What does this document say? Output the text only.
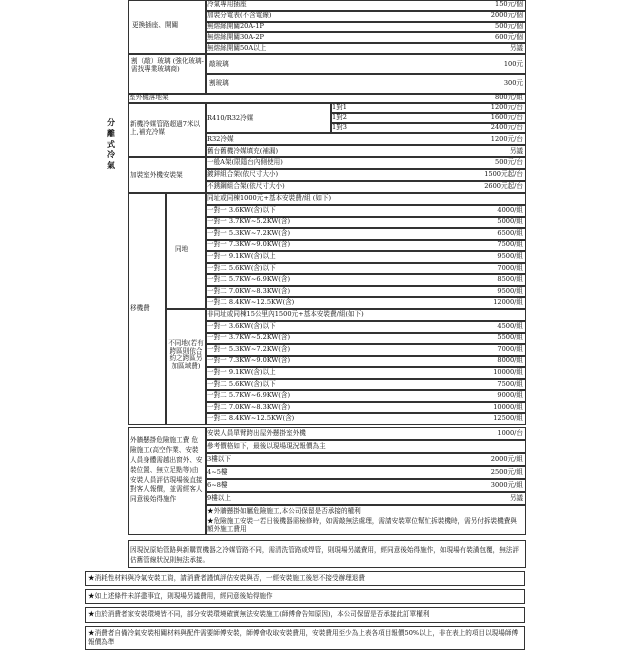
分離式冷氣
更換插座、開關
冷氣專用插座	150元/個
加裝分電表(不含電線)	2000元/個
無熔絲開關20A-1P	500元/個
無熔絲開關30A-2P	600元/個
無熔絲開關50A以上	另議
割（敲）玻璃 (強化玻璃-需找專業玻璃商)
敲玻璃	100元
割玻璃	300元
室外機落地架	800元/組
新機冷媒管路超過7米以上,補充冷媒
R410/R32冷媒
1對1	1200元/台
1對2	1600元/台
1對3	2400元/台
R32冷媒	1200元/台
舊台舊機冷媒填充(補漏)	另議
加裝室外機安裝架
一般A架(限隱台內側使用)	500元/台
鍍鋅組合架(依尺寸大小)	1500元起/台
不銹鋼組合架(依尺寸大小)	2600元起/台
移機費
同地
不同地(若有跨區則依合約之跨區另加區域費)
同址或同棟1000元+基本安裝費/組 (如下)
一對一 3.6KW(含)以下	4000/組
一對一 3.7KW~5.2KW(含)	5000/組
一對一 5.3KW~7.2KW(含)	6500/組
一對一 7.3KW~9.0KW(含)	7500/組
一對一 9.1KW(含)以上	9500/組
一對二 5.6KW(含)以下	7000/組
一對二 5.7KW~6.9KW(含)	8500/組
一對二 7.0KW~8.3KW(含)	9500/組
一對二 8.4KW~12.5KW(含)	12000/組
非同址或同棟15公里內1500元+基本安裝費/組(如下)
一對一 3.6KW(含)以下	4500/組
一對一 3.7KW~5.2KW(含)	5500/組
一對一 5.3KW~7.2KW(含)	7000/組
一對一 7.3KW~9.0KW(含)	8000/組
一對一 9.1KW(含)以上	10000/組
一對二 5.6KW(含)以下	7500/組
一對二 5.7KW~6.9KW(含)	9000/組
一對二 7.0KW~8.3KW(含)	10000/組
一對二 8.4KW~12.5KW(含)	12500/組
外牆懸掛危險施工費 危險施工(高空作業、安裝人員身體需越出窗外、安裝位置、無立足點等)由安裝人員評估現場後直接對客人報價，並需經客人同意後始得施作
安裝人員單臂跨出屋外懸掛室外機	1000/台
參考價格如下，最後以現場現況報價為主
3樓以下	2000元/組
4~5樓	2500元/組
6~8樓	3000元/組
9樓以上	另議
★外牆懸掛如屬危險施工,本公司保留是否承接的權利
★危險施工安裝一若日後機器需檢修時，如需敲無法處理，需請安裝單位幫忙拆裝機時，需另付拆裝機費與額外施工費用
因現況原始管路與新購買機器之冷媒管路不同，需清洗管路或焊管，則現場另議費用，經同意後始得施作，如現場有裝潢包覆，無法評估舊管線狀況則無法承接。
★消耗性材料與冷氣安裝工資，請消費者謹慎評估安裝與否，一經安裝施工後恕不接受辦理退費
★如上述條件未詳盡事宜，則現場另議費用，經同意後始得施作
★由於消費者家安裝環境皆不同，部分安裝環境確實無法安裝施工(師傅會告知原因)，本公司保留是否承接此訂單權利
★消費者自備冷氣安裝相關材料與配件需要師傅安裝，師傅會收取安裝費用，安裝費用至少為上表各項目報價50%以上，非在表上的項目以現場師傅報價為準
